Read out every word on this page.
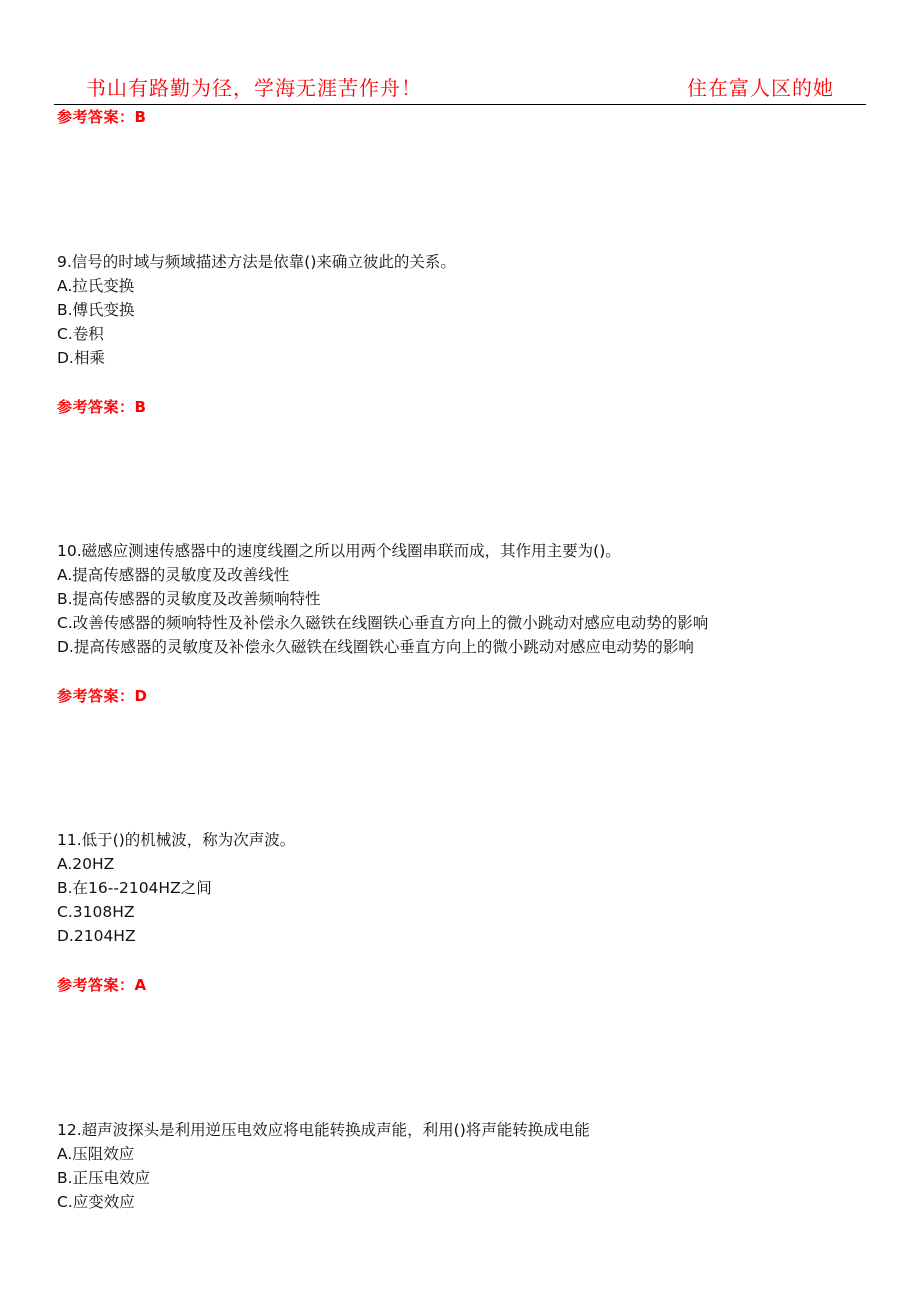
书山有路勤为径，学海无涯苦作舟！	住在富人区的她
参考答案：B
9.信号的时域与频域描述方法是依靠()来确立彼此的关系。
A.拉氏变换
B.傅氏变换
C.卷积
D.相乘
参考答案：B
10.磁感应测速传感器中的速度线圈之所以用两个线圈串联而成，其作用主要为()。
A.提高传感器的灵敏度及改善线性
B.提高传感器的灵敏度及改善频响特性
C.改善传感器的频响特性及补偿永久磁铁在线圈铁心垂直方向上的微小跳动对感应电动势的影响
D.提高传感器的灵敏度及补偿永久磁铁在线圈铁心垂直方向上的微小跳动对感应电动势的影响
参考答案：D
11.低于()的机械波，称为次声波。
A.20HZ
B.在16--2104HZ之间
C.3108HZ
D.2104HZ
参考答案：A
12.超声波探头是利用逆压电效应将电能转换成声能，利用()将声能转换成电能
A.压阻效应
B.正压电效应
C.应变效应
